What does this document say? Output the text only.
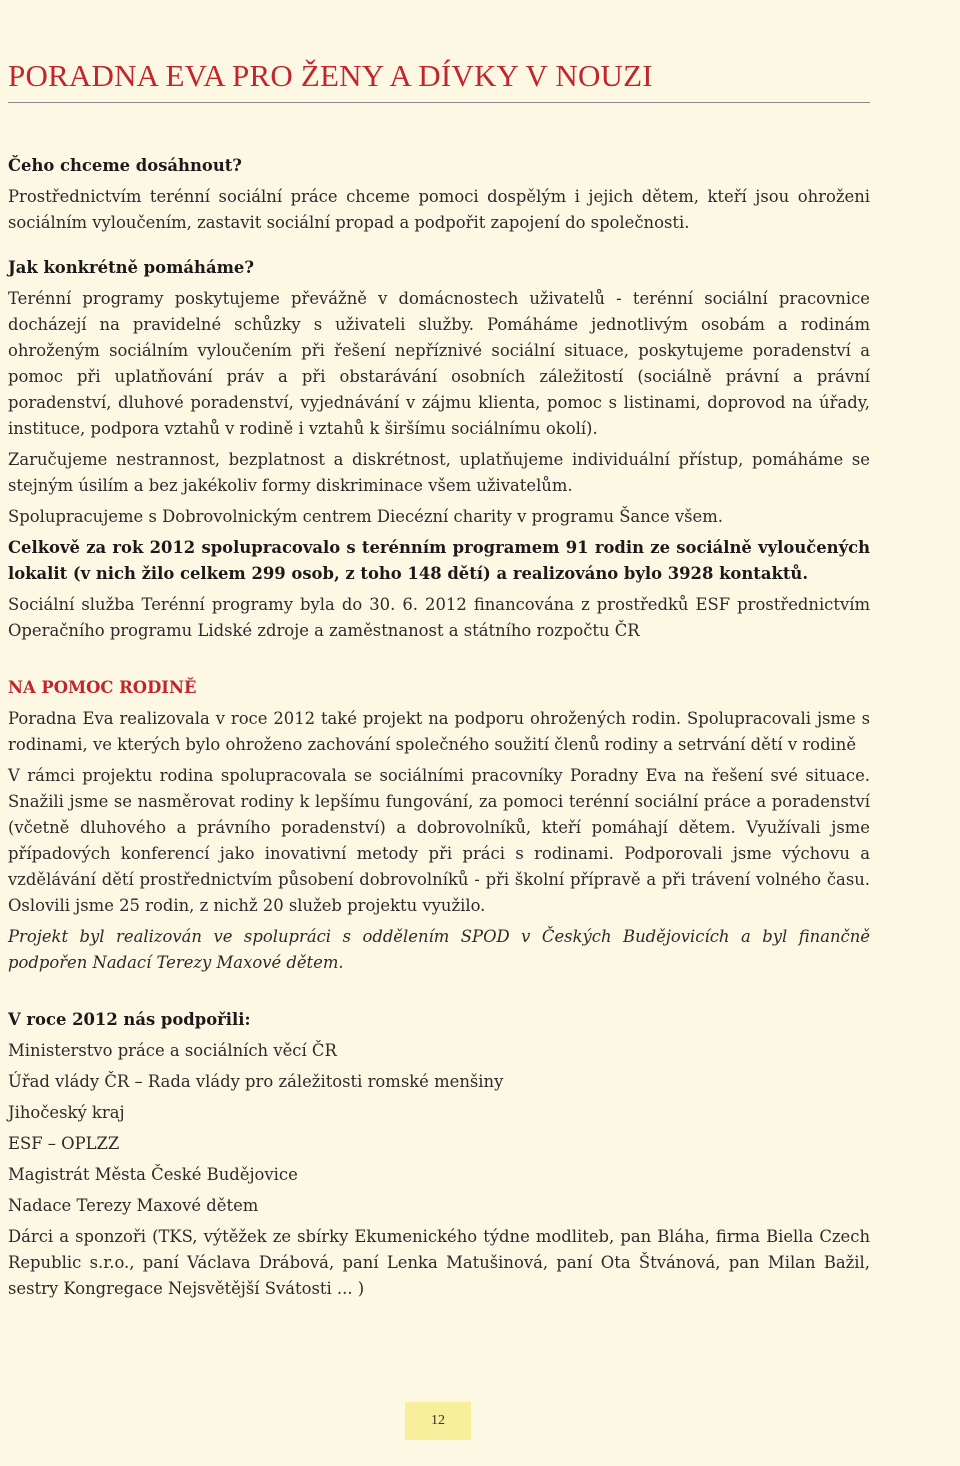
PORADNA EVA PRO ŽENY A DÍVKY V NOUZI

Čeho chceme dosáhnout?

Prostřednictvím terénní sociální práce chceme pomoci dospělým i jejich dětem, kteří jsou ohroženi sociálním vyloučením, zastavit sociální propad a podpořit zapojení do společnosti.

Jak konkrétně pomáháme?

Terénní programy poskytujeme převážně v domácnostech uživatelů - terénní sociální pracovnice docházejí na pravidelné schůzky s uživateli služby. Pomáháme jednotlivým osobám a rodinám ohroženým sociálním vyloučením při řešení nepříznivé sociální situace, poskytujeme poradenství a pomoc při uplatňování práv a při obstarávání osobních záležitostí (sociálně právní a právní poradenství, dluhové poradenství, vyjednávání v zájmu klienta, pomoc s listinami, doprovod na úřady, instituce, podpora vztahů v rodině i vztahů k širšímu sociálnímu okolí).

Zaručujeme nestrannost, bezplatnost a diskrétnost, uplatňujeme individuální přístup, pomáháme se stejným úsilím a bez jakékoliv formy diskriminace všem uživatelům.

Spolupracujeme s Dobrovolnickým centrem Diecézní charity v programu Šance všem.

Celkově za rok 2012 spolupracovalo s terénním programem 91 rodin ze sociálně vyloučených lokalit (v nich žilo celkem 299 osob, z toho 148 dětí) a realizováno bylo 3928 kontaktů.

Sociální služba Terénní programy byla do 30. 6. 2012 financována z prostředků ESF prostřednictvím Operačního programu Lidské zdroje a zaměstnanost a státního rozpočtu ČR

NA POMOC RODINĚ

Poradna Eva realizovala v roce 2012 také projekt na podporu ohrožených rodin. Spolupracovali jsme s rodinami, ve kterých bylo ohroženo zachování společného soužití členů rodiny a setrvání dětí v rodině

V rámci projektu rodina spolupracovala se sociálními pracovníky Poradny Eva na řešení své situace. Snažili jsme se nasměrovat rodiny k lepšímu fungování, za pomoci terénní sociální práce a poradenství (včetně dluhového a právního poradenství) a dobrovolníků, kteří pomáhají dětem. Využívali jsme případových konferencí jako inovativní metody při práci s rodinami. Podporovali jsme výchovu a vzdělávání dětí prostřednictvím působení dobrovolníků - při školní přípravě a při trávení volného času. Oslovili jsme 25 rodin, z nichž 20 služeb projektu využilo.

Projekt byl realizován ve spolupráci s oddělením SPOD v Českých Budějovicích a byl finančně podpořen Nadací Terezy Maxové dětem.

V roce 2012 nás podpořili:

Ministerstvo práce a sociálních věcí ČR

Úřad vlády ČR – Rada vlády pro záležitosti romské menšiny

Jihočeský kraj

ESF – OPLZZ

Magistrát Města České Budějovice

Nadace Terezy Maxové dětem

Dárci a sponzoři (TKS, výtěžek ze sbírky Ekumenického týdne modliteb, pan Bláha, firma Biella Czech Republic s.r.o., paní Václava Drábová, paní Lenka Matušinová, paní Ota Štvánová, pan Milan Bažil, sestry Kongregace Nejsvětější Svátosti ... )

12
